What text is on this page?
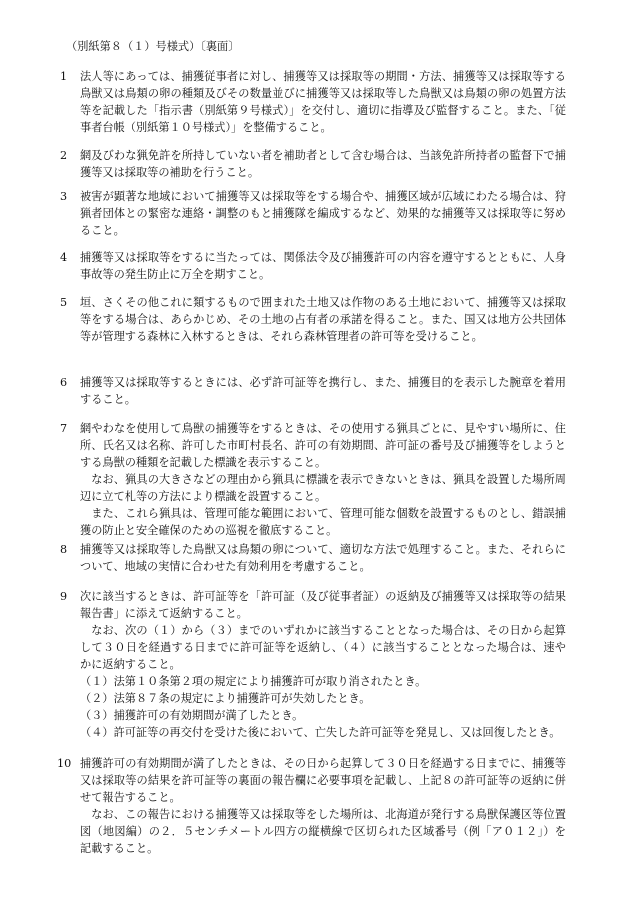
（別紙第８（１）号様式）〔裏面〕
1	法人等にあっては、捕獲従事者に対し、捕獲等又は採取等の期間・方法、捕獲等又は採取等する鳥獣又は鳥類の卵の種類及びその数量並びに捕獲等又は採取等した鳥獣又は鳥類の卵の処置方法等を記載した「指示書（別紙第９号様式）」を交付し、適切に指導及び監督すること。また、「従事者台帳（別紙第１０号様式）」を整備すること。

2	網及びわな猟免許を所持していない者を補助者として含む場合は、当該免許所持者の監督下で捕獲等又は採取等の補助を行うこと。

3	被害が顕著な地域において捕獲等又は採取等をする場合や、捕獲区域が広域にわたる場合は、狩猟者団体との緊密な連絡・調整のもと捕獲隊を編成するなど、効果的な捕獲等又は採取等に努めること。

4	捕獲等又は採取等をするに当たっては、関係法令及び捕獲許可の内容を遵守するとともに、人身事故等の発生防止に万全を期すこと。

5	垣、さくその他これに類するもので囲まれた土地又は作物のある土地において、捕獲等又は採取等をする場合は、あらかじめ、その土地の占有者の承諾を得ること。また、国又は地方公共団体等が管理する森林に入林するときは、それら森林管理者の許可等を受けること。

6	捕獲等又は採取等するときには、必ず許可証等を携行し、また、捕獲目的を表示した腕章を着用すること。

7	網やわなを使用して鳥獣の捕獲等をするときは、その使用する猟具ごとに、見やすい場所に、住所、氏名又は名称、許可した市町村長名、許可の有効期間、許可証の番号及び捕獲等をしようとする鳥獣の種類を記載した標識を表示すること。

なお、猟具の大きさなどの理由から猟具に標識を表示できないときは、猟具を設置した場所周辺に立て札等の方法により標識を設置すること。

また、これら猟具は、管理可能な範囲において、管理可能な個数を設置するものとし、錯誤捕獲の防止と安全確保のための巡視を徹底すること。

8	捕獲等又は採取等した鳥獣又は鳥類の卵について、適切な方法で処理すること。また、それらについて、地域の実情に合わせた有効利用を考慮すること。

9	次に該当するときは、許可証等を「許可証（及び従事者証）の返納及び捕獲等又は採取等の結果報告書」に添えて返納すること。

なお、次の（１）から（３）までのいずれかに該当することとなった場合は、その日から起算して３０日を経過する日までに許可証等を返納し、（４）に該当することとなった場合は、速やかに返納すること。

（１）法第１０条第２項の規定により捕獲許可が取り消されたとき。
（２）法第８７条の規定により捕獲許可が失効したとき。
（３）捕獲許可の有効期間が満了したとき。
（４）許可証等の再交付を受けた後において、亡失した許可証等を発見し、又は回復したとき。
10 捕獲許可の有効期間が満了したときは、その日から起算して３０日を経過する日までに、捕獲等又は採取等の結果を許可証等の裏面の報告欄に必要事項を記載し、上記８の許可証等の返納に併せて報告すること。

なお、この報告における捕獲等又は採取等をした場所は、北海道が発行する鳥獣保護区等位置図（地図編）の２．５センチメートル四方の縦横線で区切られた区域番号（例「ア０１２」）を記載すること。
